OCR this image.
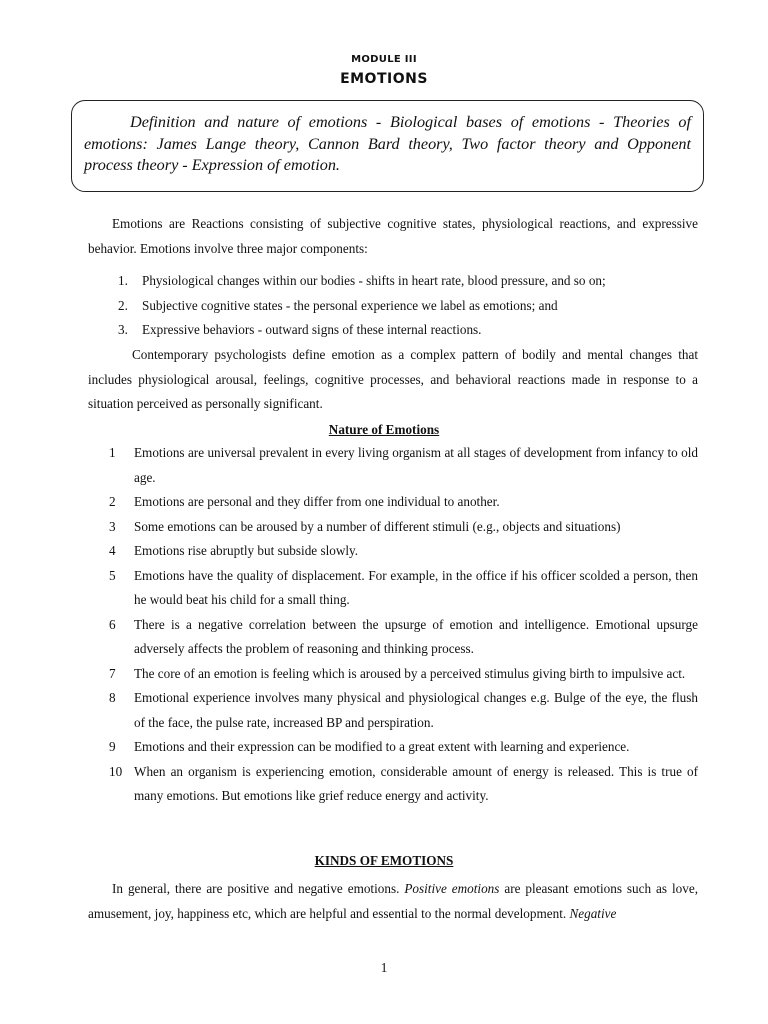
MODULE III
EMOTIONS

Definition and nature of emotions - Biological bases of emotions - Theories of emotions: James Lange theory, Cannon Bard theory, Two factor theory and Opponent process theory - Expression of emotion.

Emotions are Reactions consisting of subjective cognitive states, physiological reactions, and expressive behavior. Emotions involve three major components:

1. Physiological changes within our bodies - shifts in heart rate, blood pressure, and so on;
2. Subjective cognitive states - the personal experience we label as emotions; and
3. Expressive behaviors - outward signs of these internal reactions.

Contemporary psychologists define emotion as a complex pattern of bodily and mental changes that includes physiological arousal, feelings, cognitive processes, and behavioral reactions made in response to a situation perceived as personally significant.

Nature of Emotions
1 Emotions are universal prevalent in every living organism at all stages of development from infancy to old age.
2 Emotions are personal and they differ from one individual to another.
3 Some emotions can be aroused by a number of different stimuli (e.g., objects and situations)
4 Emotions rise abruptly but subside slowly.
5 Emotions have the quality of displacement. For example, in the office if his officer scolded a person, then he would beat his child for a small thing.
6 There is a negative correlation between the upsurge of emotion and intelligence. Emotional upsurge adversely affects the problem of reasoning and thinking process.
7 The core of an emotion is feeling which is aroused by a perceived stimulus giving birth to impulsive act.
8 Emotional experience involves many physical and physiological changes e.g. Bulge of the eye, the flush of the face, the pulse rate, increased BP and perspiration.
9 Emotions and their expression can be modified to a great extent with learning and experience.
10 When an organism is experiencing emotion, considerable amount of energy is released. This is true of many emotions. But emotions like grief reduce energy and activity.
KINDS OF EMOTIONS

In general, there are positive and negative emotions. Positive emotions are pleasant emotions such as love, amusement, joy, happiness etc, which are helpful and essential to the normal development. Negative

1
